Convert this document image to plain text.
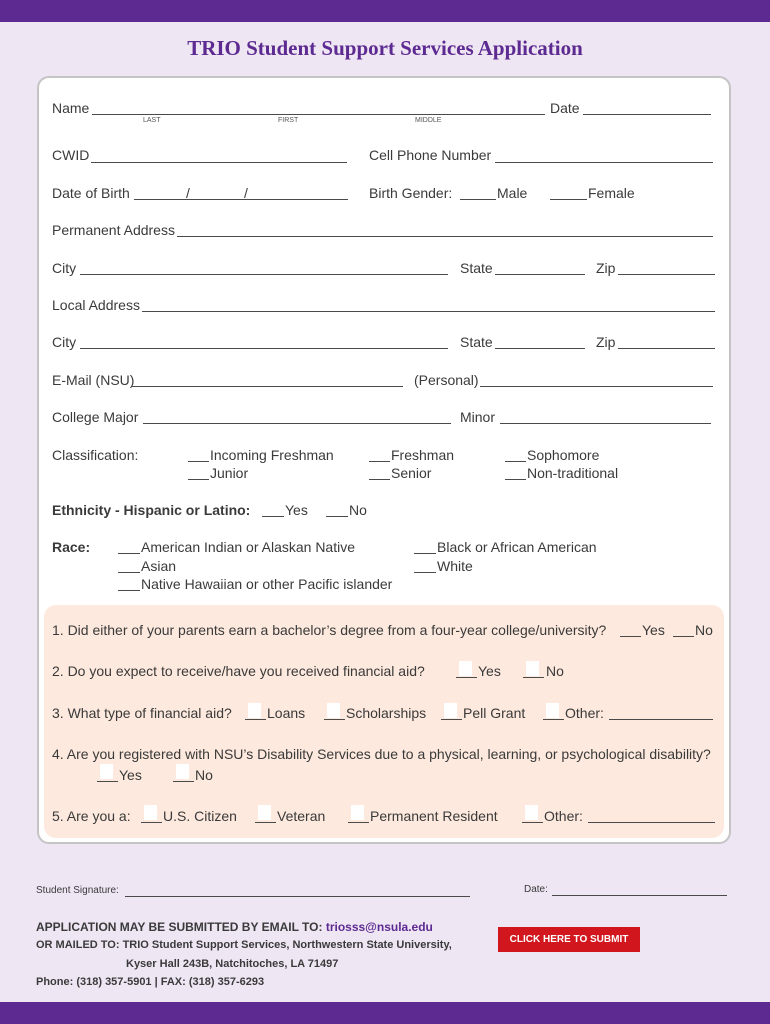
TRIO Student Support Services Application
Name
LAST	FIRST	MIDDLE
Date
CWID	Cell Phone Number
Date of Birth	/	/	Birth Gender:	Male	Female
Permanent Address
City	State	Zip
Local Address
City	State	Zip
E-Mail (NSU)	(Personal)
College Major	Minor
Classification:	Incoming Freshman	Freshman	Sophomore
Junior	Senior	Non-traditional
Ethnicity - Hispanic or Latino: Yes	No
Race:	American Indian or Alaskan Native	Black or African American
Asian	White
Native Hawaiian or other Pacific islander
1. Did either of your parents earn a bachelor’s degree from a four-year college/university?	Yes No
2. Do you expect to receive/have you received financial aid?	Yes	No
3. What type of financial aid?	Loans	Scholarships	Pell Grant	Other:
4. Are you registered with NSU’s Disability Services due to a physical, learning, or psychological disability?
Yes	No
5. Are you a: U.S. Citizen	Veteran	Permanent Resident	Other:
Student Signature:	Date:
APPLICATION MAY BE SUBMITTED BY EMAIL TO: triosss@nsula.edu
OR MAILED TO: TRIO Student Support Services, Northwestern State University,
Kyser Hall 243B, Natchitoches, LA 71497
Phone: (318) 357-5901 | FAX: (318) 357-6293
CLICK HERE TO SUBMIT
